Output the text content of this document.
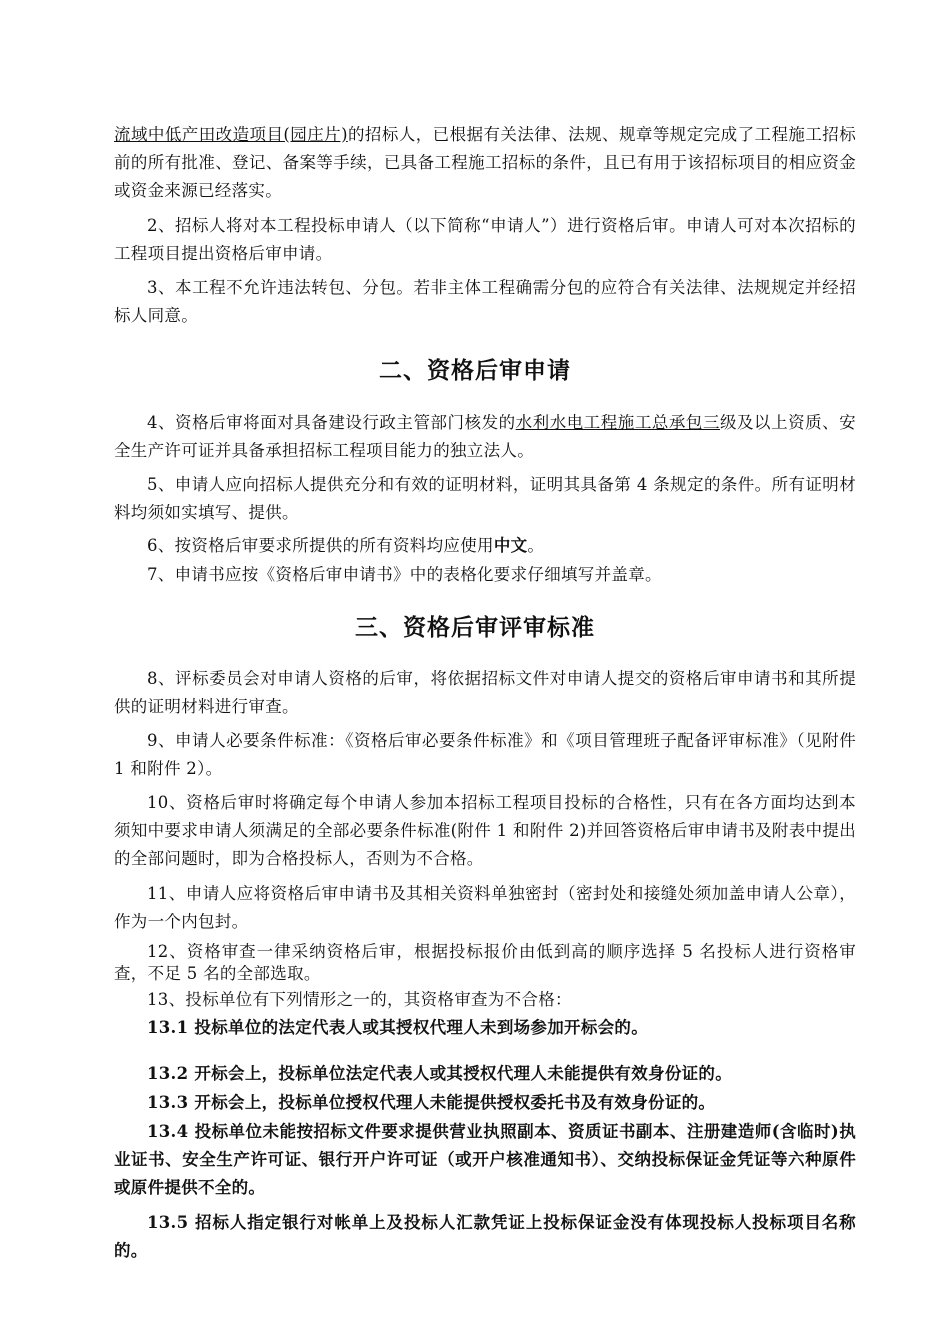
流域中低产田改造项目(园庄片)的招标人，已根据有关法律、法规、规章等规定完成了工程施工招标前的所有批准、登记、备案等手续，已具备工程施工招标的条件，且已有用于该招标项目的相应资金或资金来源已经落实。

2、招标人将对本工程投标申请人（以下简称“申请人”）进行资格后审。申请人可对本次招标的工程项目提出资格后审申请。

3、本工程不允许违法转包、分包。若非主体工程确需分包的应符合有关法律、法规规定并经招标人同意。

二、资格后审申请

4、资格后审将面对具备建设行政主管部门核发的水利水电工程施工总承包三级及以上资质、安全生产许可证并具备承担招标工程项目能力的独立法人。

5、申请人应向招标人提供充分和有效的证明材料，证明其具备第 4 条规定的条件。所有证明材料均须如实填写、提供。

6、按资格后审要求所提供的所有资料均应使用中文。

7、申请书应按《资格后审申请书》中的表格化要求仔细填写并盖章。

三、资格后审评审标准

8、评标委员会对申请人资格的后审，将依据招标文件对申请人提交的资格后审申请书和其所提供的证明材料进行审查。

9、申请人必要条件标准：《资格后审必要条件标准》和《项目管理班子配备评审标准》（见附件 1 和附件 2）。

10、资格后审时将确定每个申请人参加本招标工程项目投标的合格性，只有在各方面均达到本须知中要求申请人须满足的全部必要条件标准(附件 1 和附件 2)并回答资格后审申请书及附表中提出的全部问题时，即为合格投标人，否则为不合格。

11、申请人应将资格后审申请书及其相关资料单独密封（密封处和接缝处须加盖申请人公章），作为一个内包封。

12、资格审查一律采纳资格后审，根据投标报价由低到高的顺序选择 5 名投标人进行资格审查，不足 5 名的全部选取。

13、投标单位有下列情形之一的，其资格审查为不合格：

13.1 投标单位的法定代表人或其授权代理人未到场参加开标会的。

13.2 开标会上，投标单位法定代表人或其授权代理人未能提供有效身份证的。

13.3 开标会上，投标单位授权代理人未能提供授权委托书及有效身份证的。

13.4 投标单位未能按招标文件要求提供营业执照副本、资质证书副本、注册建造师(含临时)执业证书、安全生产许可证、银行开户许可证（或开户核准通知书）、交纳投标保证金凭证等六种原件或原件提供不全的。

13.5 招标人指定银行对帐单上及投标人汇款凭证上投标保证金没有体现投标人投标项目名称的。
